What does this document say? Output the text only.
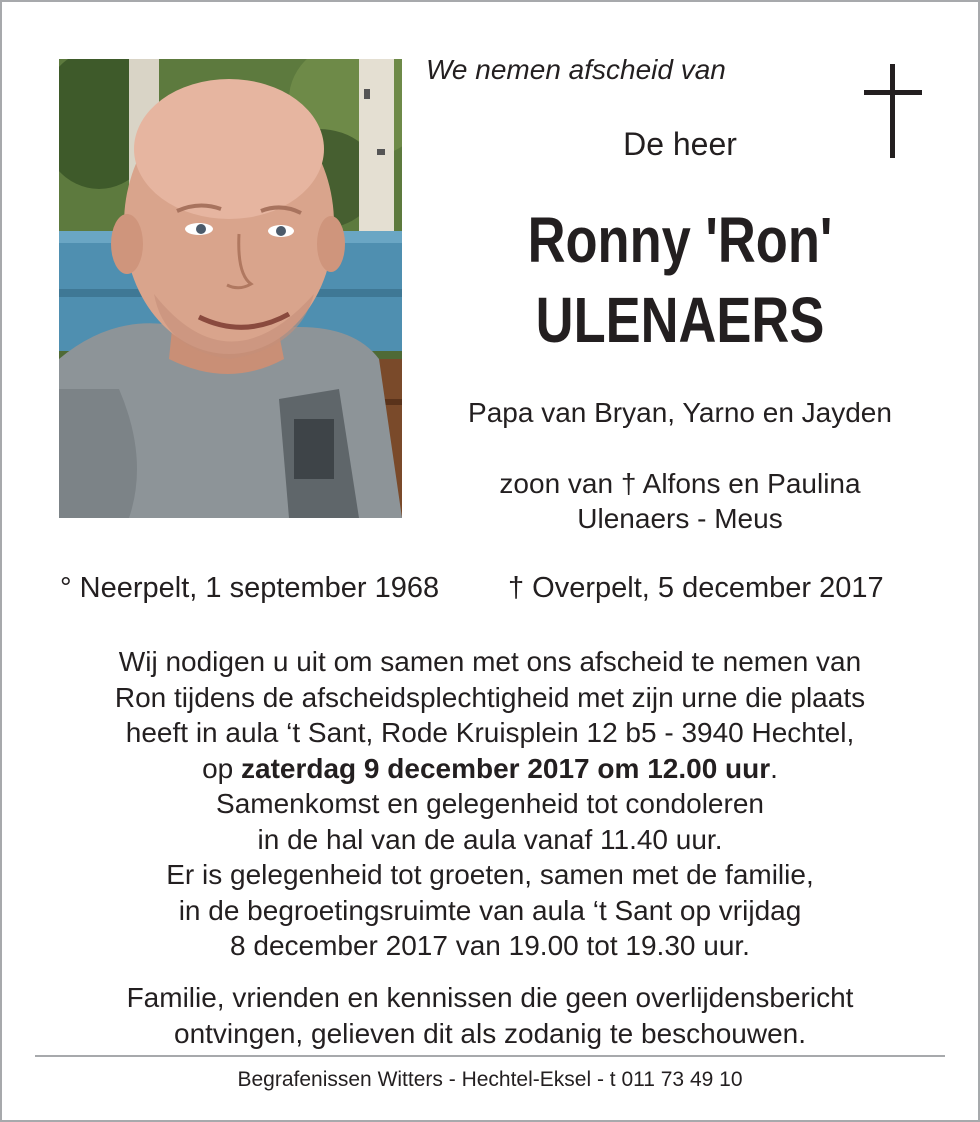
We nemen afscheid van
De heer
Ronny 'Ron'
ULENAERS
Papa van Bryan, Yarno en Jayden
zoon van † Alfons en Paulina
Ulenaers - Meus
° Neerpelt, 1 september 1968 † Overpelt, 5 december 2017
Wij nodigen u uit om samen met ons afscheid te nemen van
Ron tijdens de afscheidsplechtigheid met zijn urne die plaats
heeft in aula ‘t Sant, Rode Kruisplein 12 b5 - 3940 Hechtel,
op zaterdag 9 december 2017 om 12.00 uur.
Samenkomst en gelegenheid tot condoleren
in de hal van de aula vanaf 11.40 uur.
Er is gelegenheid tot groeten, samen met de familie,
in de begroetingsruimte van aula ‘t Sant op vrijdag
8 december 2017 van 19.00 tot 19.30 uur.
Familie, vrienden en kennissen die geen overlijdensbericht
ontvingen, gelieven dit als zodanig te beschouwen.
Begrafenissen Witters - Hechtel-Eksel - t 011 73 49 10
